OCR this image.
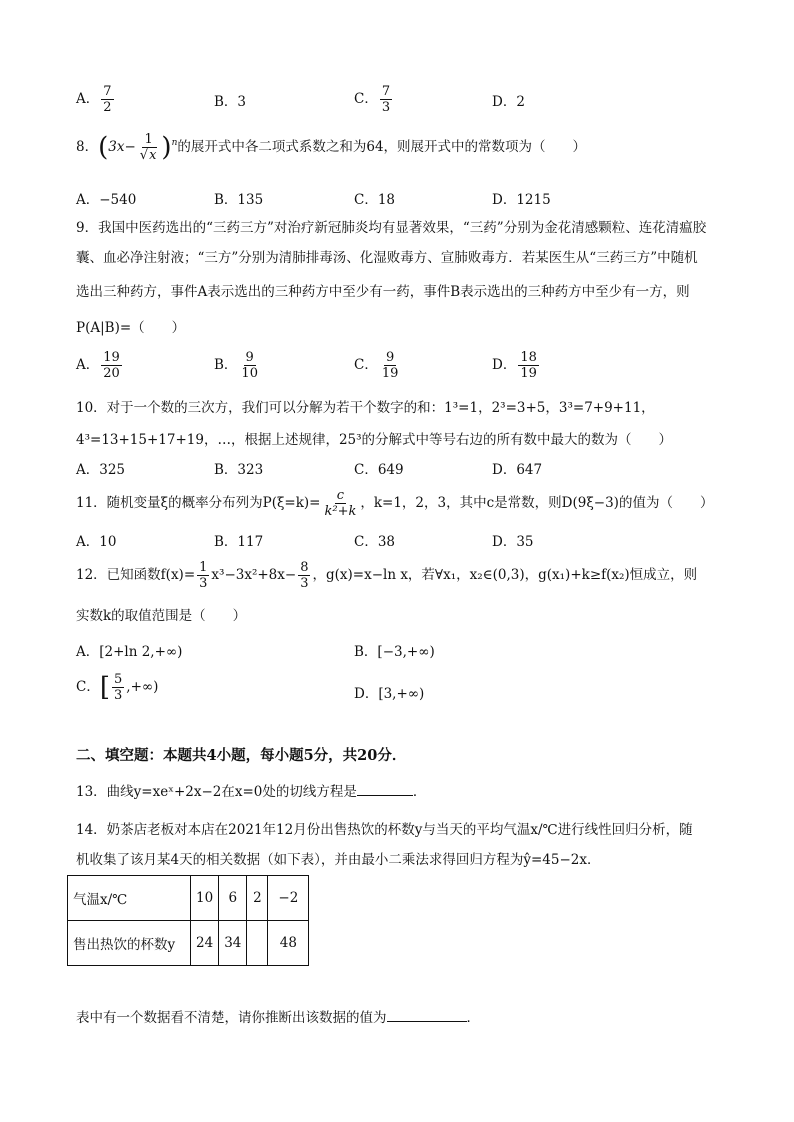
A． $\frac{7}{2}$	B．3	C． $\frac{7}{3}$	D．2
8．$(3x- \frac{1}{√x} )^n$的展开式中各二项式系数之和为64，则展开式中的常数项为（　　）
A．−540	B．135	C．18	D．1215
9．我国中医药选出的“三药三方”对治疗新冠肺炎均有显著效果，“三药”分别为金花清感颗粒、连花清瘟胶
囊、血必净注射液；“三方”分别为清肺排毒汤、化湿败毒方、宣肺败毒方．若某医生从“三药三方”中随机
选出三种药方，事件A表示选出的三种药方中至少有一药，事件B表示选出的三种药方中至少有一方，则
P(A|B)=（　　）
A． $\frac{19}{20}$	B． $\frac{9}{10}$	C． $\frac{9}{19}$	D． $\frac{18}{19}$
10．对于一个数的三次方，我们可以分解为若干个数字的和：1³=1，2³=3+5，3³=7+9+11，
4³=13+15+17+19，…，根据上述规律，25³的分解式中等号右边的所有数中最大的数为（　　）
A．325	B．323	C．649	D．647
11．随机变量ξ的概率分布列为$P(\xi=k)= \frac{c}{\text{k²+k}}$ ，k=1，2，3，其中c是常数，则D(9ξ−3)的值为（　　）
A．10	B．117	C．38	D．35
12．已知函数$f(x)= \frac{1}{3} x^3-3x^2+8x- \frac{8}{3}$ ，g(x)=x−ln x，若∀x₁，x₂∈(0,3)，g(x₁)+k≥f(x₂)恒成立，则
实数k的取值范围是（　　）
A．[2+ln 2,+∞)	B．[−3,+∞)
C．[ $\frac{5}{3}$ ,+∞)	D．[3,+∞)
二、填空题：本题共4小题，每小题5分，共20分．
13．曲线y=xeˣ+2x−2在x=0处的切线方程是	．
14．奶茶店老板对本店在2021年12月份出售热饮的杯数y与当天的平均气温x/℃进行线性回归分析，随
机收集了该月某4天的相关数据（如下表），并由最小二乘法求得回归方程为ŷ=45−2x．
气温x/℃	10	6	2	−2
售出热饮的杯数y	24	34		48
表中有一个数据看不清楚，请你推断出该数据的值为	．
